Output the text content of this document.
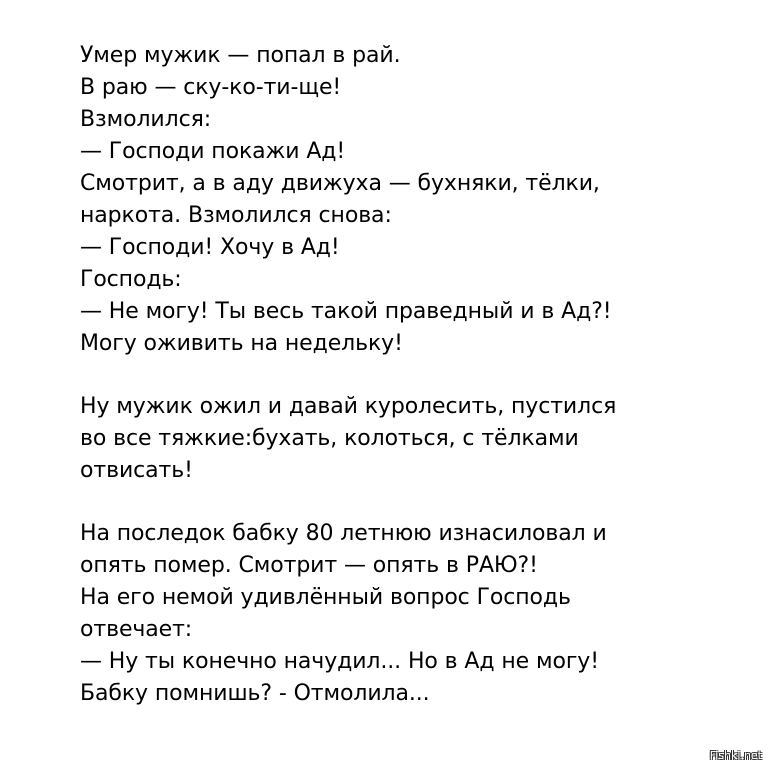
Умер мужик — попал в рай.
В раю — ску-ко-ти-ще!
Взмолился:
— Господи покажи Ад!
Смотрит, а в аду движуха — бухняки, тёлки,
наркота. Взмолился снова:
— Господи! Хочу в Ад!
Господь:
— Не могу! Ты весь такой праведный и в Ад?!
Могу оживить на недельку!
Ну мужик ожил и давай куролесить, пустился
во все тяжкие:бухать, колоться, с тёлками
отвисать!
На последок бабку 80 летнюю изнасиловал и
опять помер. Смотрит — опять в РАЮ?!
На его немой удивлённый вопрос Господь
отвечает:
— Ну ты конечно начудил... Но в Ад не могу!
Бабку помнишь? - Отмолила...
Fishki.net
